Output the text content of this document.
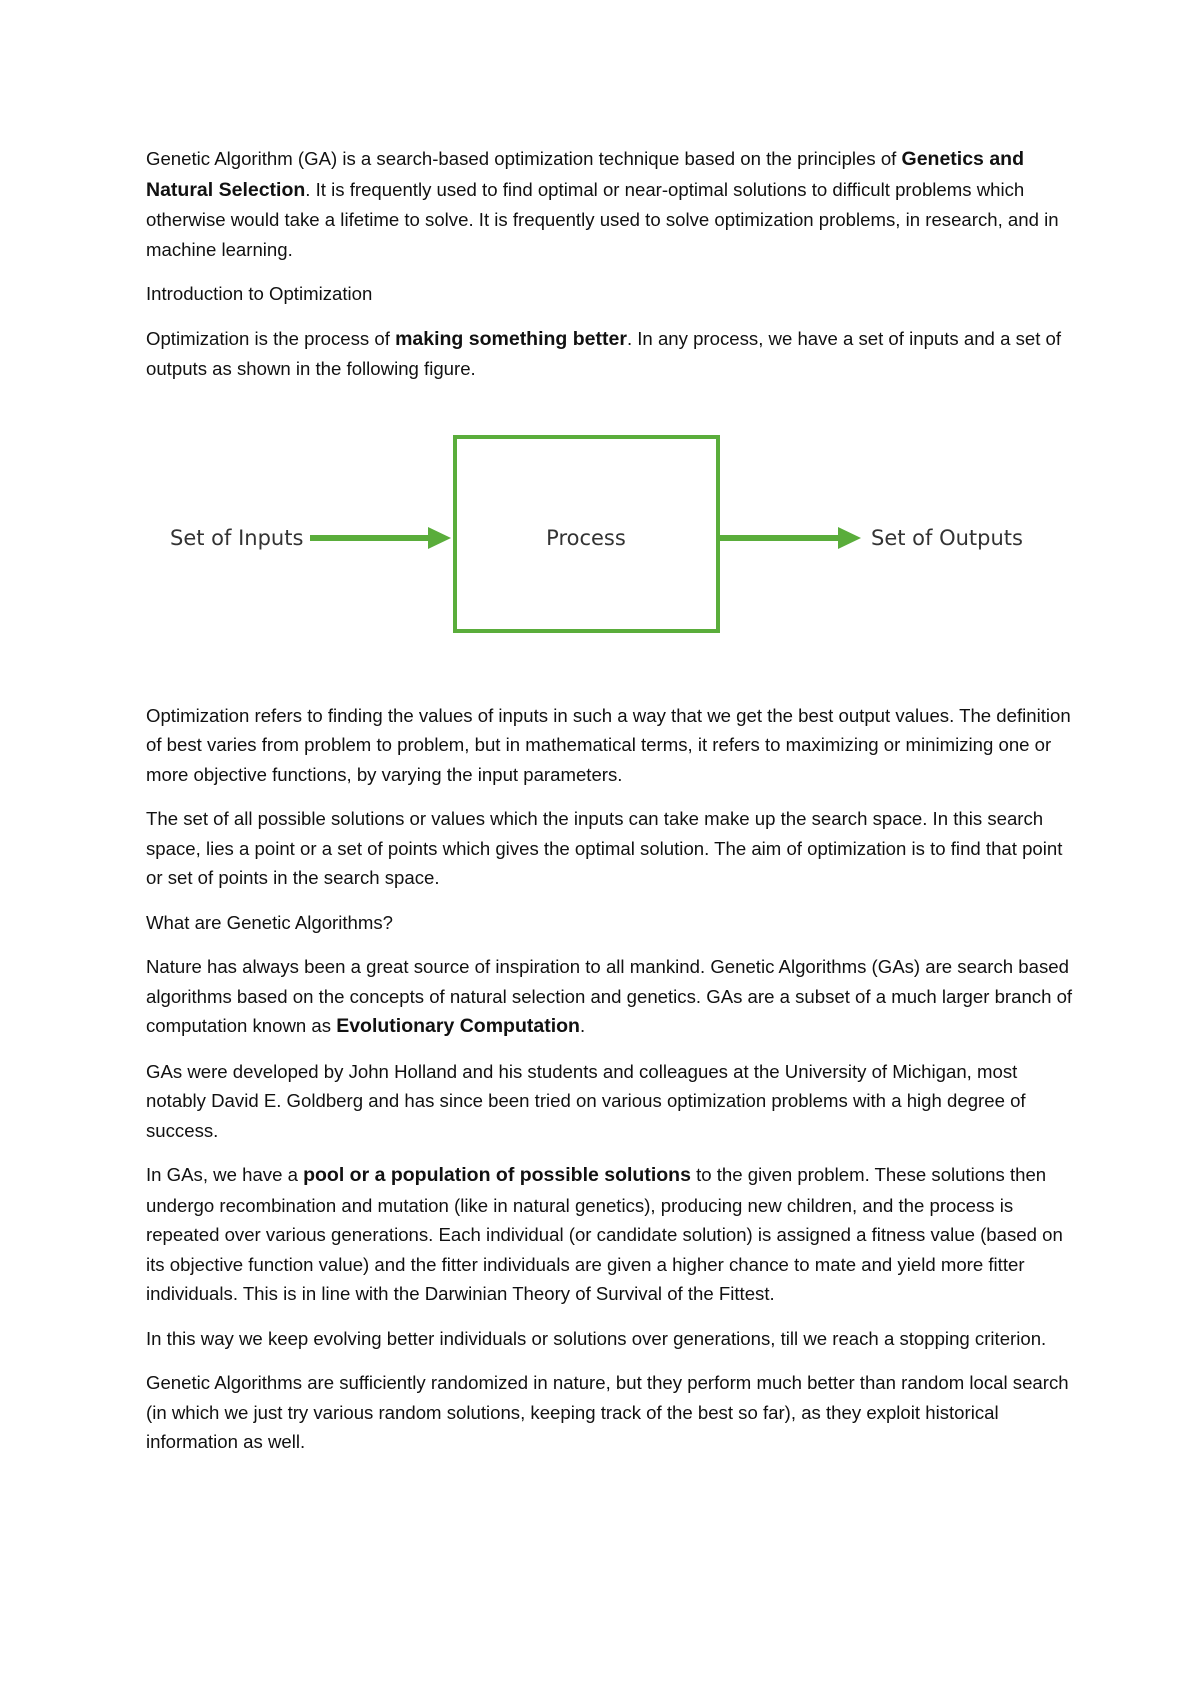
Genetic Algorithm (GA) is a search-based optimization technique based on the principles of Genetics and Natural Selection. It is frequently used to find optimal or near-optimal solutions to difficult problems which otherwise would take a lifetime to solve. It is frequently used to solve optimization problems, in research, and in machine learning.

Introduction to Optimization

Optimization is the process of making something better. In any process, we have a set of inputs and a set of outputs as shown in the following figure.

Set of Inputs	Process	Set of Outputs

Optimization refers to finding the values of inputs in such a way that we get the best output values. The definition of best varies from problem to problem, but in mathematical terms, it refers to maximizing or minimizing one or more objective functions, by varying the input parameters.

The set of all possible solutions or values which the inputs can take make up the search space. In this search space, lies a point or a set of points which gives the optimal solution. The aim of optimization is to find that point or set of points in the search space.

What are Genetic Algorithms?

Nature has always been a great source of inspiration to all mankind. Genetic Algorithms (GAs) are search based algorithms based on the concepts of natural selection and genetics. GAs are a subset of a much larger branch of computation known as Evolutionary Computation.

GAs were developed by John Holland and his students and colleagues at the University of Michigan, most notably David E. Goldberg and has since been tried on various optimization problems with a high degree of success.

In GAs, we have a pool or a population of possible solutions to the given problem. These solutions then undergo recombination and mutation (like in natural genetics), producing new children, and the process is repeated over various generations. Each individual (or candidate solution) is assigned a fitness value (based on its objective function value) and the fitter individuals are given a higher chance to mate and yield more fitter individuals. This is in line with the Darwinian Theory of Survival of the Fittest.

In this way we keep evolving better individuals or solutions over generations, till we reach a stopping criterion.

Genetic Algorithms are sufficiently randomized in nature, but they perform much better than random local search (in which we just try various random solutions, keeping track of the best so far), as they exploit historical information as well.
